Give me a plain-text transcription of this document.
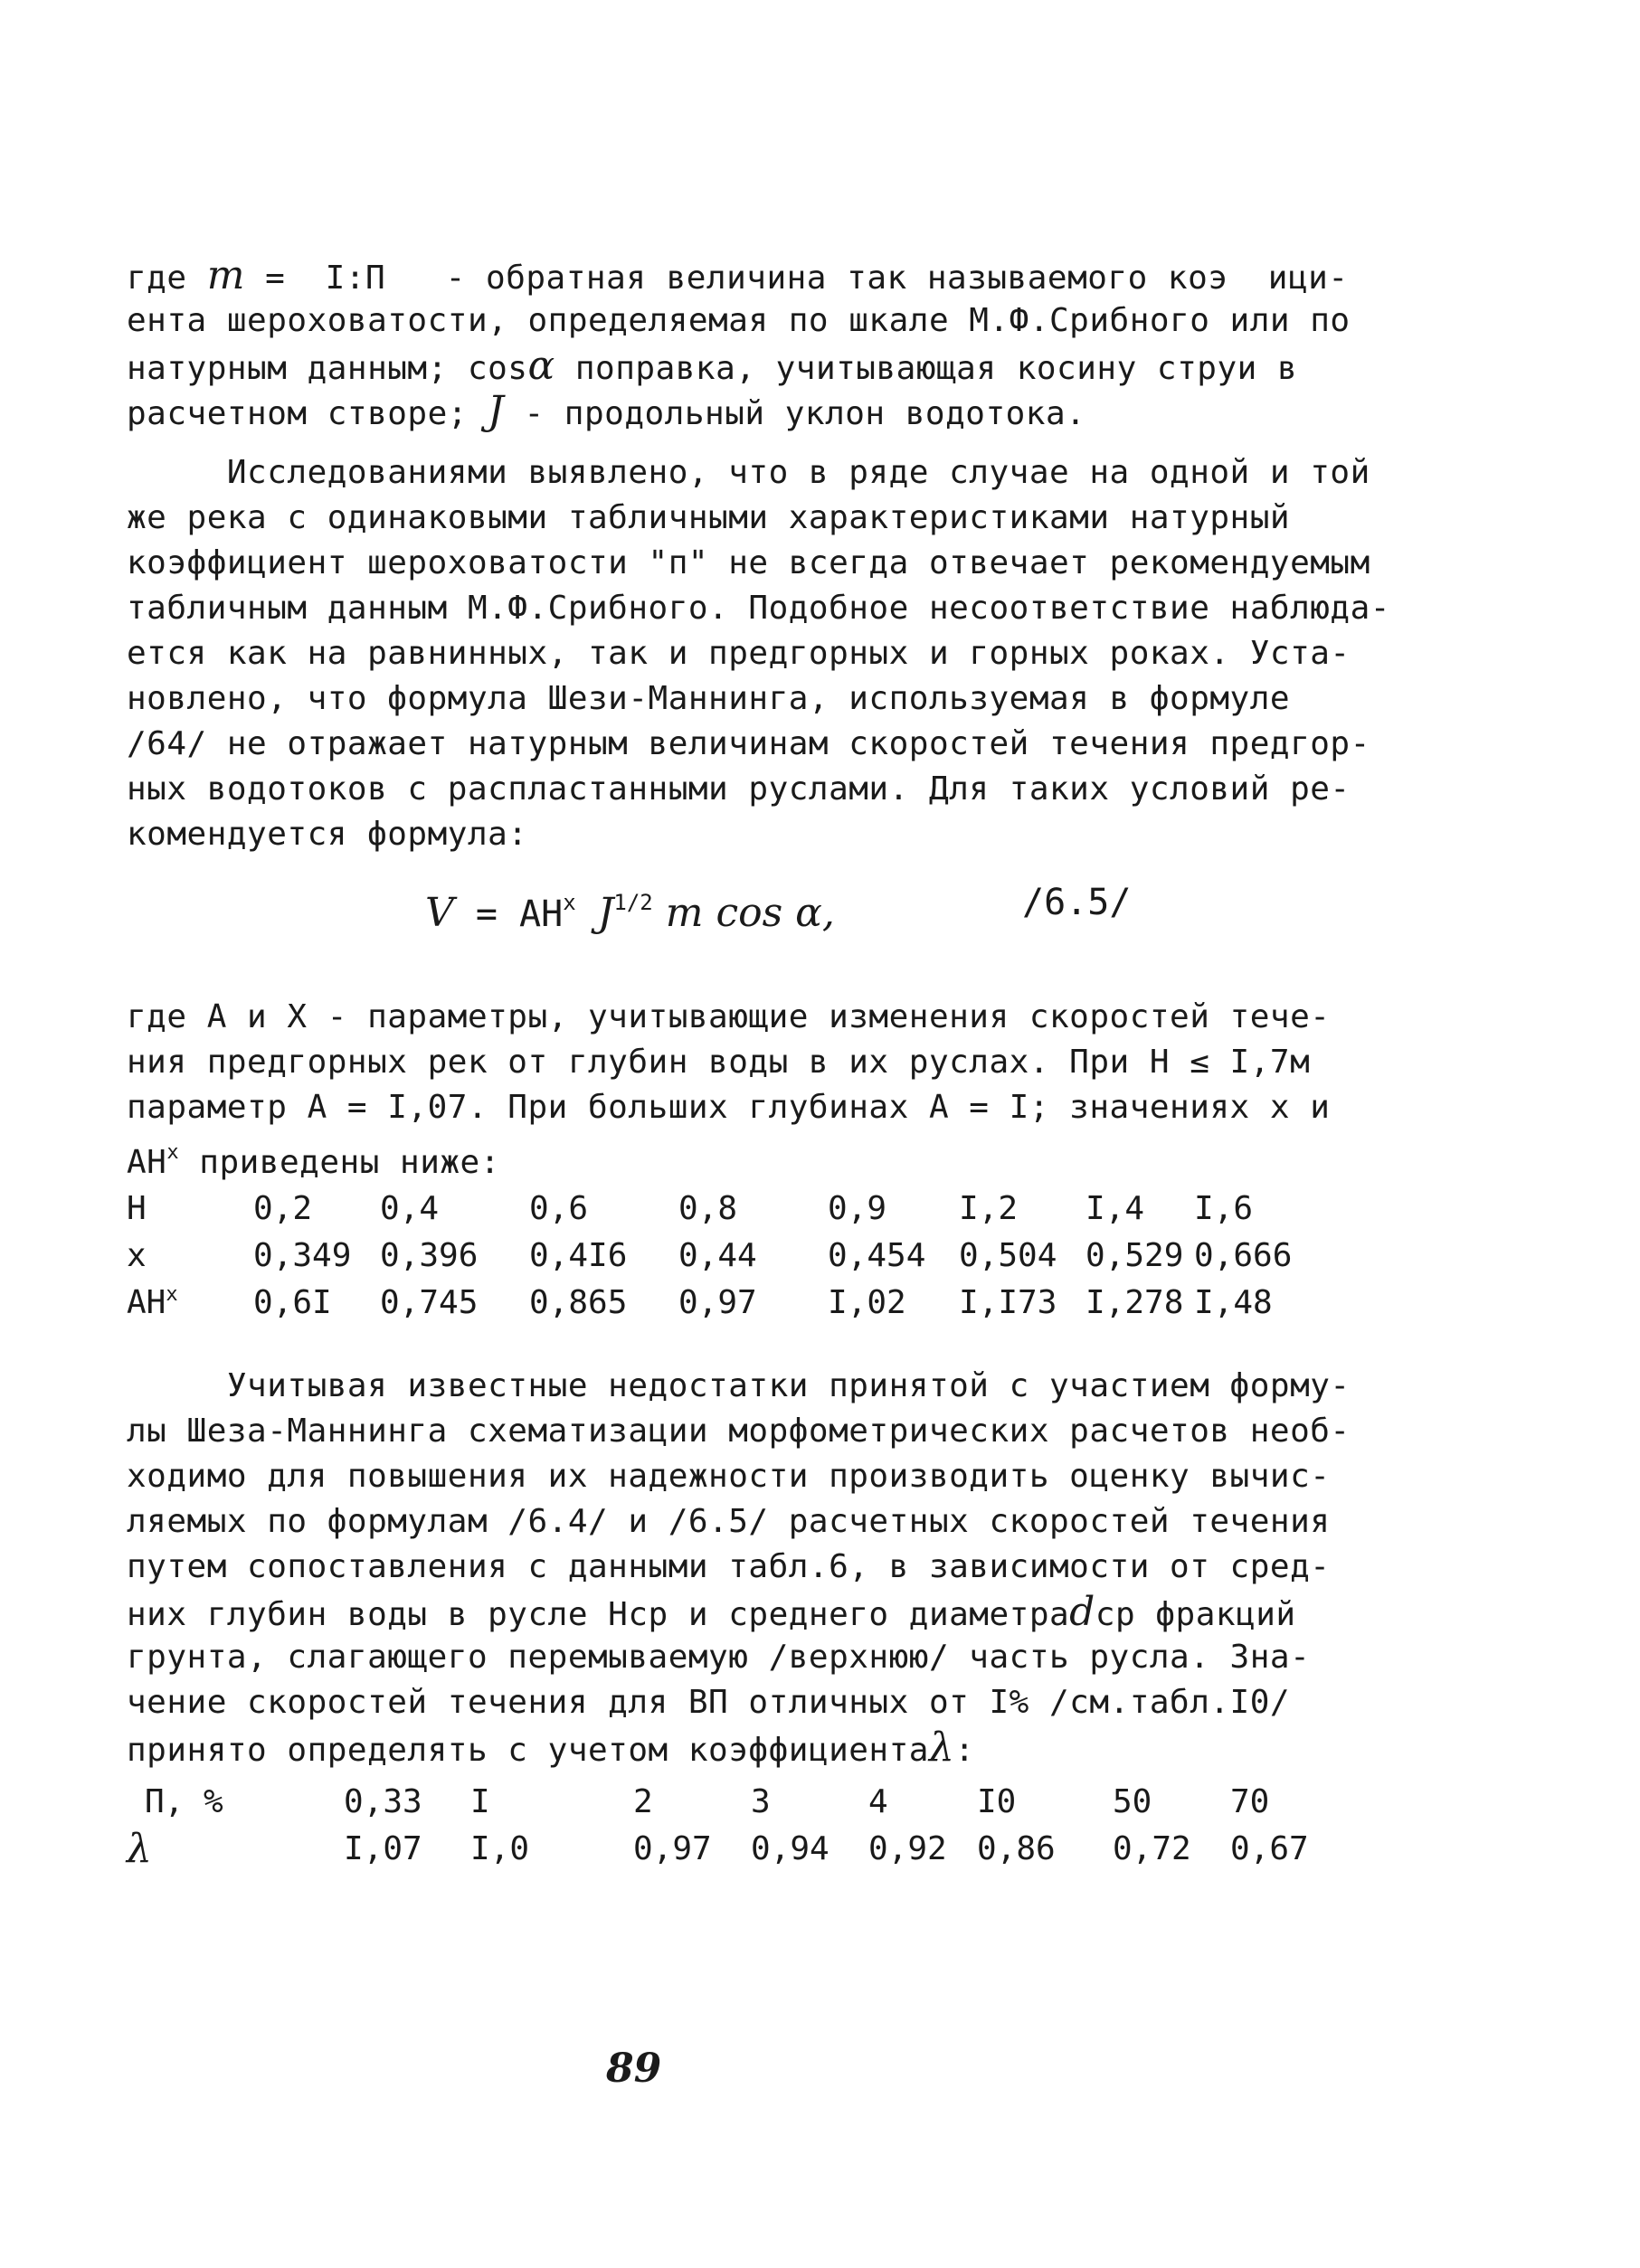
где m =  I:П   - обратная величина так называемого коэ  ици-
ента шероховатости, определяемая по шкале М.Ф.Срибного или по
натурным данным; cosα поправка, учитывающая косину струи в
расчетном створе; J - продольный уклон водотока.
Исследованиями выявлено, что в ряде случае на одной и той
же река с одинаковыми табличными характеристиками натурный
коэффициент шероховатости "п" не всегда отвечает рекомендуемым
табличным данным М.Ф.Срибного. Подобное несоответствие наблюда-
ется как на равнинных, так и предгорных и горных роках. Уста-
новлено, что формула Шези-Маннинга, используемая в формуле
/64/ не отражает натурным величинам скоростей течения предгор-
ных водотоков с распластанными руслами. Для таких условий ре-
комендуется формула:
$V = AH^x$ $J^{1/2}$ m cos α,	/6.5/
где А и X - параметры, учитывающие изменения скоростей тече-
ния предгорных рек от глубин воды в их руслах. При Н ≤ I,7м
параметр А = I,07. При больших глубинах А = I; значениях х и
$АН^x$ приведены ниже:
Н	0,2	0,4	0,6	0,8	0,9	I,2	I,4	I,6
x	0,349	0,396	0,4I6	0,44	0,454	0,504	0,529	0,666
$АН^x$	0,6I	0,745	0,865	0,97	I,02	I,I73	I,278	I,48
Учитывая известные недостатки принятой с участием форму-
лы Шеза-Маннинга схематизации морфометрических расчетов необ-
ходимо для повышения их надежности производить оценку вычис-
ляемых по формулам /6.4/ и /6.5/ расчетных скоростей течения
путем сопоставления с данными табл.6, в зависимости от сред-
них глубин воды в русле Нср и среднего диаметраdср фракций
грунта, слагающего перемываемую /верхнюю/ часть русла. Зна-
чение скоростей течения для ВП отличных от I% /см.табл.I0/
принято определять с учетом коэффициентаλ:
П, %	0,33	I	2	3	4	I0	50	70
λ	I,07	I,0	0,97	0,94	0,92	0,86	0,72	0,67
89
